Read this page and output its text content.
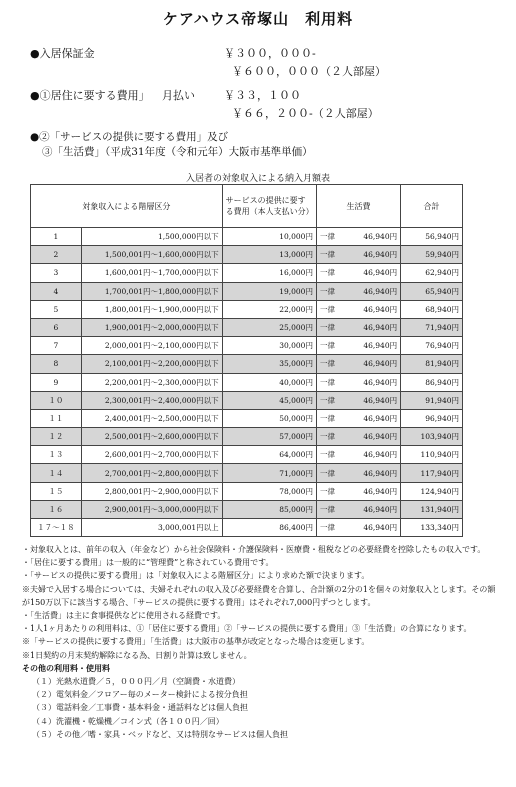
ケアハウス帝塚山　利用料
●入居保証金	￥３００，０００-
￥６００，０００（２人部屋）
●①居住に要する費用」 月払い	￥３３，１００
￥６６，２００-（２人部屋）
●②「サービスの提供に要する費用」及び
③「生活費」（平成31年度（令和元年）大阪市基準単価）
入居者の対象収入による納入月額表
対象収入による階層区分		サービスの提供に要する費用（本人支払い分）	生活費	合計
1	1,500,000円以下	10,000円	一律 46,940円	56,940円
2	1,500,001円～1,600,000円以下	13,000円	一律 46,940円	59,940円
3	1,600,001円～1,700,000円以下	16,000円	一律 46,940円	62,940円
4	1,700,001円～1,800,000円以下	19,000円	一律 46,940円	65,940円
5	1,800,001円～1,900,000円以下	22,000円	一律 46,940円	68,940円
6	1,900,001円～2,000,000円以下	25,000円	一律 46,940円	71,940円
7	2,000,001円～2,100,000円以下	30,000円	一律 46,940円	76,940円
8	2,100,001円～2,200,000円以下	35,000円	一律 46,940円	81,940円
9	2,200,001円～2,300,000円以下	40,000円	一律 46,940円	86,940円
１０	2,300,001円～2,400,000円以下	45,000円	一律 46,940円	91,940円
１１	2,400,001円～2,500,000円以下	50,000円	一律 46,940円	96,940円
１２	2,500,001円～2,600,000円以下	57,000円	一律 46,940円	103,940円
１３	2,600,001円～2,700,000円以下	64,000円	一律 46,940円	110,940円
１４	2,700,001円～2,800,000円以下	71,000円	一律 46,940円	117,940円
１５	2,800,001円～2,900,000円以下	78,000円	一律 46,940円	124,940円
１６	2,900,001円～3,000,000円以下	85,000円	一律 46,940円	131,940円
１７～１８	3,000,001円以上	86,400円	一律 46,940円	133,340円

・対象収入とは、前年の収入（年金など）から社会保険料・介護保険料・医療費・租税などの必要経費を控除したもの収入です。

・「居住に要する費用」は一般的に“管理費”と称されている費用です。

・「サービスの提供に要する費用」は「対象収入による階層区分」により求めた額で決まります。

※夫婦で入居する場合については、夫婦それぞれの収入及び必要経費を合算し、合計額の2分の1を個々の対象収入とします。その額が150万以下に該当する場合、「サービスの提供に要する費用」はそれぞれ7,000円ずつとします。

・「生活費」は主に食事提供などに使用される経費です。

・1人1ヶ月あたりの利用料は、①「居住に要する費用」②「サービスの提供に要する費用」③「生活費」の合算になります。

※「サービスの提供に要する費用」「生活費」は大阪市の基準が改定となった場合は変更します。

※1日契約の月末契約解除になる為、日割り計算は致しません。

その他の利用料・使用料

（１）光熱水道費／５，０００円／月（空調費・水道費）

（２）電気料金／フロアー毎のメーター検針による按分負担

（３）電話料金／工事費・基本料金・通話料などは個人負担

（４）洗濯機・乾燥機／コイン式（各１００円／回）

（５）その他／嗜・家具・ベッドなど、又は特別なサービスは個人負担
